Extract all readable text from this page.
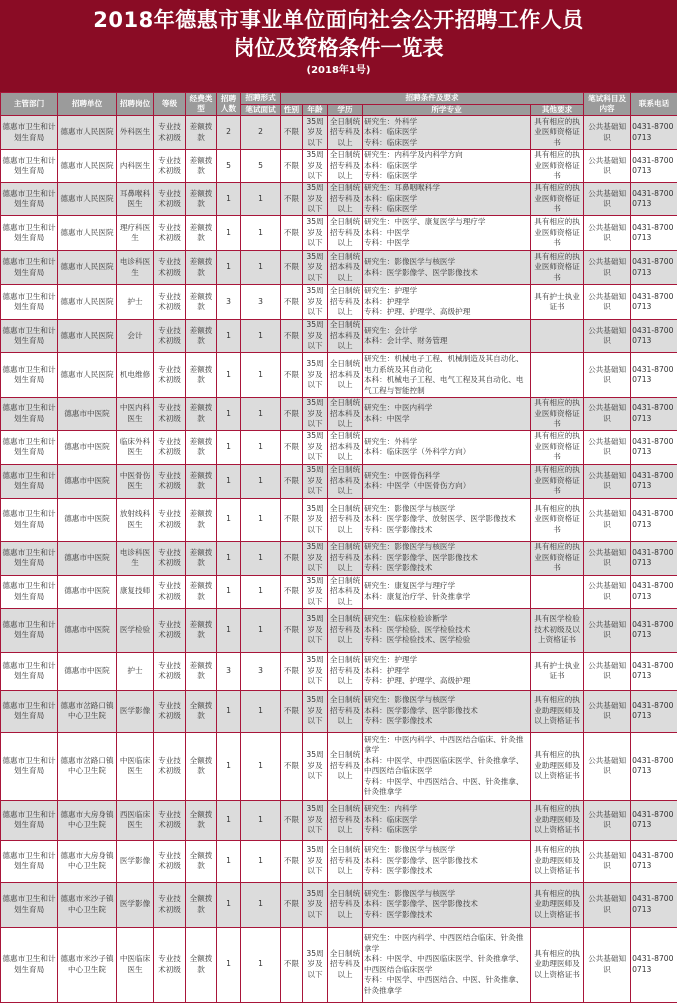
2018年德惠市事业单位面向社会公开招聘工作人员
岗位及资格条件一览表
(2018年1号)
主管部门	招聘单位	招聘岗位	等级	经费类型	招聘人数	招聘形式	招聘条件及要求					笔试科目及内容	联系电话
						笔试面试	性别	年龄	学历	所学专业	其他要求		
德惠市卫生和计划生育局	德惠市人民医院	外科医生	专业技术初级	差额拨款	2	2	不限	35周岁及以下	全日制统招专科及以上	研究生：外科学
本科：临床医学
专科：临床医学	具有相应的执业医师资格证书	公共基础知识	0431-87000713
德惠市卫生和计划生育局	德惠市人民医院	内科医生	专业技术初级	差额拨款	5	5	不限	35周岁及以下	全日制统招专科及以上	研究生：内科学及内科学方向
本科：临床医学
专科：临床医学	具有相应的执业医师资格证书	公共基础知识	0431-87000713
德惠市卫生和计划生育局	德惠市人民医院	耳鼻喉科医生	专业技术初级	差额拨款	1	1	不限	35周岁及以下	全日制统招专科及以上	研究生：耳鼻咽喉科学
本科：临床医学
专科：临床医学	具有相应的执业医师资格证书	公共基础知识	0431-87000713
德惠市卫生和计划生育局	德惠市人民医院	理疗科医生	专业技术初级	差额拨款	1	1	不限	35周岁及以下	全日制统招专科及以上	研究生：中医学、康复医学与理疗学
本科：中医学
专科：中医学	具有相应的执业医师资格证书	公共基础知识	0431-87000713
德惠市卫生和计划生育局	德惠市人民医院	电诊科医生	专业技术初级	差额拨款	1	1	不限	35周岁及以下	全日制统招本科及以上	研究生：影像医学与核医学
本科：医学影像学、医学影像技术	具有相应的执业医师资格证书	公共基础知识	0431-87000713
德惠市卫生和计划生育局	德惠市人民医院	护士	专业技术初级	差额拨款	3	3	不限	35周岁及以下	全日制统招专科及以上	研究生：护理学
本科：护理学
专科：护理、护理学、高级护理	具有护士执业证书	公共基础知识	0431-87000713
德惠市卫生和计划生育局	德惠市人民医院	会计	专业技术初级	差额拨款	1	1	不限	35周岁及以下	全日制统招本科及以上	研究生：会计学
本科：会计学、财务管理		公共基础知识	0431-87000713
德惠市卫生和计划生育局	德惠市人民医院	机电维修	专业技术初级	差额拨款	1	1	不限	35周岁及以下	全日制统招本科及以上	研究生：机械电子工程、机械制造及其自动化、电力系统及其自动化
本科：机械电子工程、电气工程及其自动化、电气工程与智能控制		公共基础知识	0431-87000713
德惠市卫生和计划生育局	德惠市中医院	中医内科医生	专业技术初级	差额拨款	1	1	不限	35周岁及以下	全日制统招本科及以上	研究生：中医内科学
本科：中医学	具有相应的执业医师资格证书	公共基础知识	0431-87000713
德惠市卫生和计划生育局	德惠市中医院	临床外科医生	专业技术初级	差额拨款	1	1	不限	35周岁及以下	全日制统招本科及以上	研究生：外科学
本科：临床医学（外科学方向）	具有相应的执业医师资格证书	公共基础知识	0431-87000713
德惠市卫生和计划生育局	德惠市中医院	中医骨伤医生	专业技术初级	差额拨款	1	1	不限	35周岁及以下	全日制统招本科及以上	研究生：中医骨伤科学
本科：中医学（中医骨伤方向）	具有相应的执业医师资格证书	公共基础知识	0431-87000713
德惠市卫生和计划生育局	德惠市中医院	放射线科医生	专业技术初级	差额拨款	1	1	不限	35周岁及以下	全日制统招专科及以上	研究生：影像医学与核医学
本科：医学影像学、放射医学、医学影像技术
专科：医学影像技术	具有相应的执业医师资格证书	公共基础知识	0431-87000713
德惠市卫生和计划生育局	德惠市中医院	电诊科医生	专业技术初级	差额拨款	1	1	不限	35周岁及以下	全日制统招专科及以上	研究生：影像医学与核医学
本科：医学影像学、医学影像技术
专科：医学影像技术	具有相应的执业医师资格证书	公共基础知识	0431-87000713
德惠市卫生和计划生育局	德惠市中医院	康复技师	专业技术初级	差额拨款	1	1	不限	35周岁及以下	全日制统招本科及以上	研究生：康复医学与理疗学
本科：康复治疗学、针灸推拿学		公共基础知识	0431-87000713
德惠市卫生和计划生育局	德惠市中医院	医学检验	专业技术初级	差额拨款	1	1	不限	35周岁及以下	全日制统招专科及以上	研究生：临床检验诊断学
本科：医学检验、医学检验技术
专科：医学检验技术、医学检验	具有医学检验技术初级及以上资格证书	公共基础知识	0431-87000713
德惠市卫生和计划生育局	德惠市中医院	护士	专业技术初级	差额拨款	3	3	不限	35周岁及以下	全日制统招专科及以上	研究生：护理学
本科：护理学
专科：护理、护理学、高级护理	具有护士执业证书	公共基础知识	0431-87000713
德惠市卫生和计划生育局	德惠市岔路口镇中心卫生院	医学影像	专业技术初级	全额拨款	1	1	不限	35周岁及以下	全日制统招专科及以上	研究生：影像医学与核医学
本科：医学影像学、医学影像技术
专科：医学影像技术	具有相应的执业助理医师及以上资格证书	公共基础知识	0431-87000713
德惠市卫生和计划生育局	德惠市岔路口镇中心卫生院	中医临床医生	专业技术初级	全额拨款	1	1	不限	35周岁及以下	全日制统招专科及以上	研究生：中医内科学、中西医结合临床、针灸推拿学
本科：中医学、中西医临床医学、针灸推拿学、中西医结合临床医学
专科：中医学、中西医结合、中医、针灸推拿、针灸推拿学	具有相应的执业助理医师及以上资格证书	公共基础知识	0431-87000713
德惠市卫生和计划生育局	德惠市大房身镇中心卫生院	西医临床医生	专业技术初级	全额拨款	1	1	不限	35周岁及以下	全日制统招专科及以上	研究生：内科学
本科：临床医学
专科：临床医学	具有相应的执业助理医师及以上资格证书	公共基础知识	0431-87000713
德惠市卫生和计划生育局	德惠市大房身镇中心卫生院	医学影像	专业技术初级	全额拨款	1	1	不限	35周岁及以下	全日制统招专科及以上	研究生：影像医学与核医学
本科：医学影像学、医学影像技术
专科：医学影像技术	具有相应的执业助理医师及以上资格证书	公共基础知识	0431-87000713
德惠市卫生和计划生育局	德惠市米沙子镇中心卫生院	医学影像	专业技术初级	全额拨款	1	1	不限	35周岁及以下	全日制统招专科及以上	研究生：影像医学与核医学
本科：医学影像学、医学影像技术
专科：医学影像技术	具有相应的执业助理医师及以上资格证书	公共基础知识	0431-87000713
德惠市卫生和计划生育局	德惠市米沙子镇中心卫生院	中医临床医生	专业技术初级	全额拨款	1	1	不限	35周岁及以下	全日制统招专科及以上	研究生：中医内科学、中西医结合临床、针灸推拿学
本科：中医学、中西医临床医学、针灸推拿学、中西医结合临床医学
专科：中医学、中西医结合、中医、针灸推拿、针灸推拿学	具有相应的执业助理医师及以上资格证书	公共基础知识	0431-87000713
